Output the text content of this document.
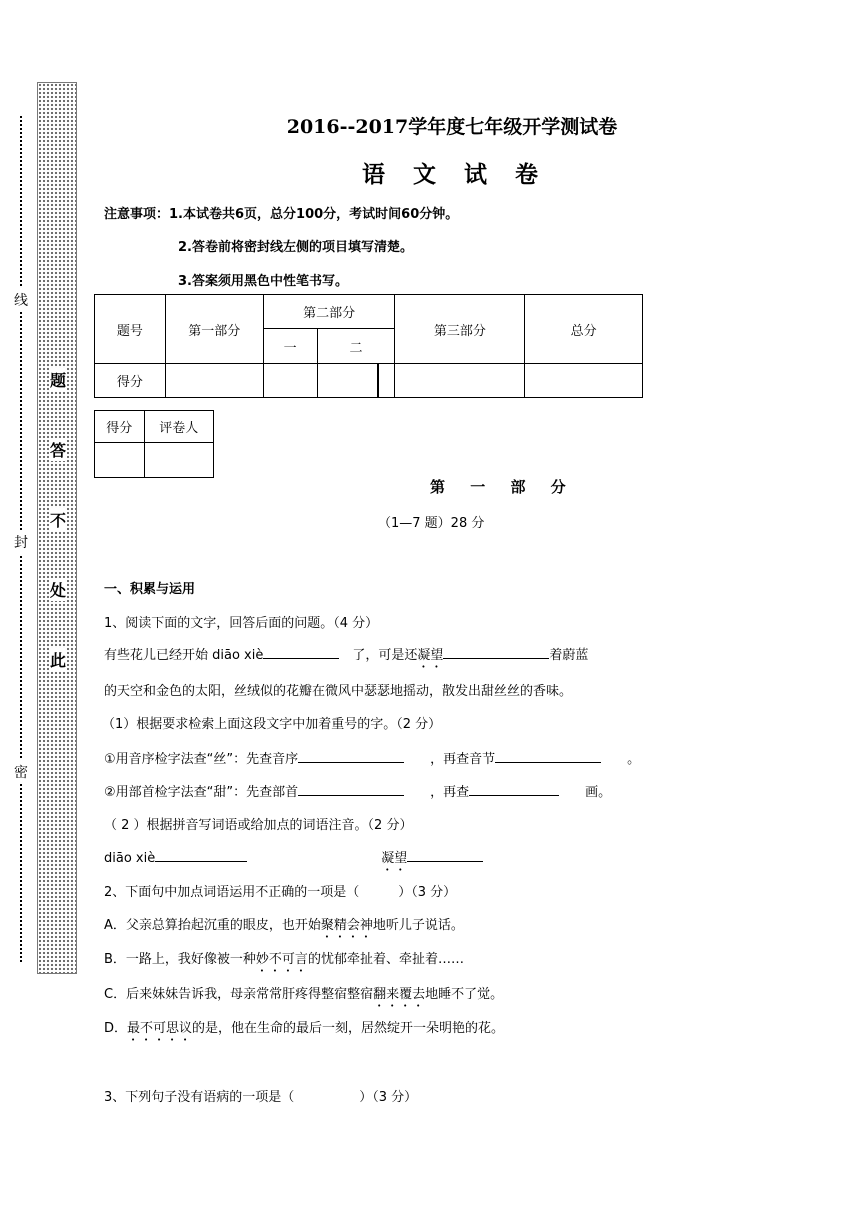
线
封
密
题
答
不
处
此
2016--2017学年度七年级开学测试卷
语 文 试 卷
注意事项：1.本试卷共6页，总分100分，考试时间60分钟。
2.答卷前将密封线左侧的项目填写清楚。
3.答案须用黑色中性笔书写。
题号	第一部分	第二部分			第三部分	总分
		一	二			
得分						
得分	评卷人

第 一 部 分
（1—7 题）28 分
一、积累与运用
1、阅读下面的文字，回答后面的问题。（4 分）
有些花儿已经开始 diāo xiè　	了，可是还凝望	着蔚蓝
的天空和金色的太阳，丝绒似的花瓣在微风中瑟瑟地摇动，散发出甜丝丝的香味。
（1）根据要求检索上面这段文字中加着重号的字。（2 分）
①用音序检字法查“丝”：先查音序　　	，再查音节　　	。
②用部首检字法查“甜”：先查部首　　	，再查　　	画。
（ 2 ）根据拼音写词语或给加点的词语注音。（2 分）
diāo xiè	凝望
2、下面句中加点词语运用不正确的一项是（　　　）（3 分）
A．父亲总算抬起沉重的眼皮，也开始聚精会神地听儿子说话。
B．一路上，我好像被一种妙不可言的忧郁牵扯着、牵扯着……
C．后来妹妹告诉我，母亲常常肝疼得整宿整宿翻来覆去地睡不了觉。
D．最不可思议的是，他在生命的最后一刻，居然绽开一朵明艳的花。
3、下列句子没有语病的一项是（　　　　　）（3 分）
